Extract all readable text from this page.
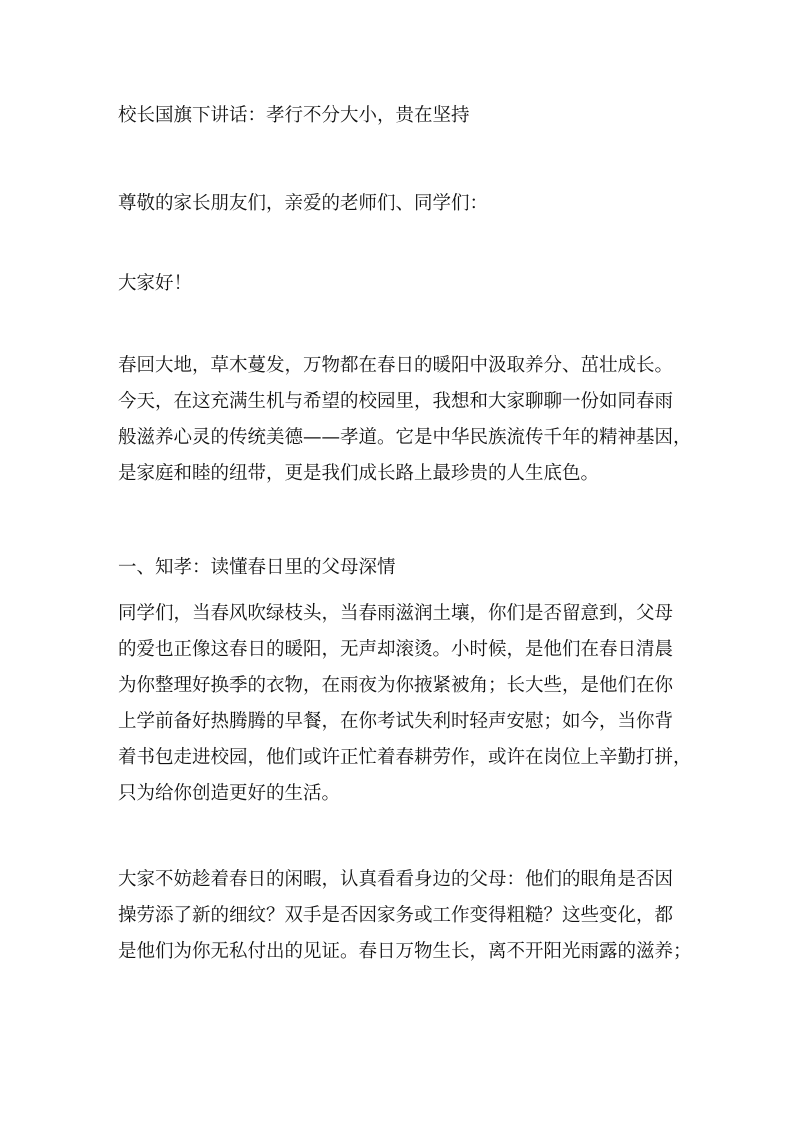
校长国旗下讲话：孝行不分大小，贵在坚持
尊敬的家长朋友们，亲爱的老师们、同学们：
大家好！
春回大地，草木蔓发，万物都在春日的暖阳中汲取养分、茁壮成长。
今天，在这充满生机与希望的校园里，我想和大家聊聊一份如同春雨
般滋养心灵的传统美德——孝道。它是中华民族流传千年的精神基因，
是家庭和睦的纽带，更是我们成长路上最珍贵的人生底色。
一、知孝：读懂春日里的父母深情
同学们，当春风吹绿枝头，当春雨滋润土壤，你们是否留意到，父母
的爱也正像这春日的暖阳，无声却滚烫。小时候，是他们在春日清晨
为你整理好换季的衣物，在雨夜为你掖紧被角；长大些，是他们在你
上学前备好热腾腾的早餐，在你考试失利时轻声安慰；如今，当你背
着书包走进校园，他们或许正忙着春耕劳作，或许在岗位上辛勤打拼，
只为给你创造更好的生活。
大家不妨趁着春日的闲暇，认真看看身边的父母：他们的眼角是否因
操劳添了新的细纹？双手是否因家务或工作变得粗糙？这些变化，都
是他们为你无私付出的见证。春日万物生长，离不开阳光雨露的滋养；
